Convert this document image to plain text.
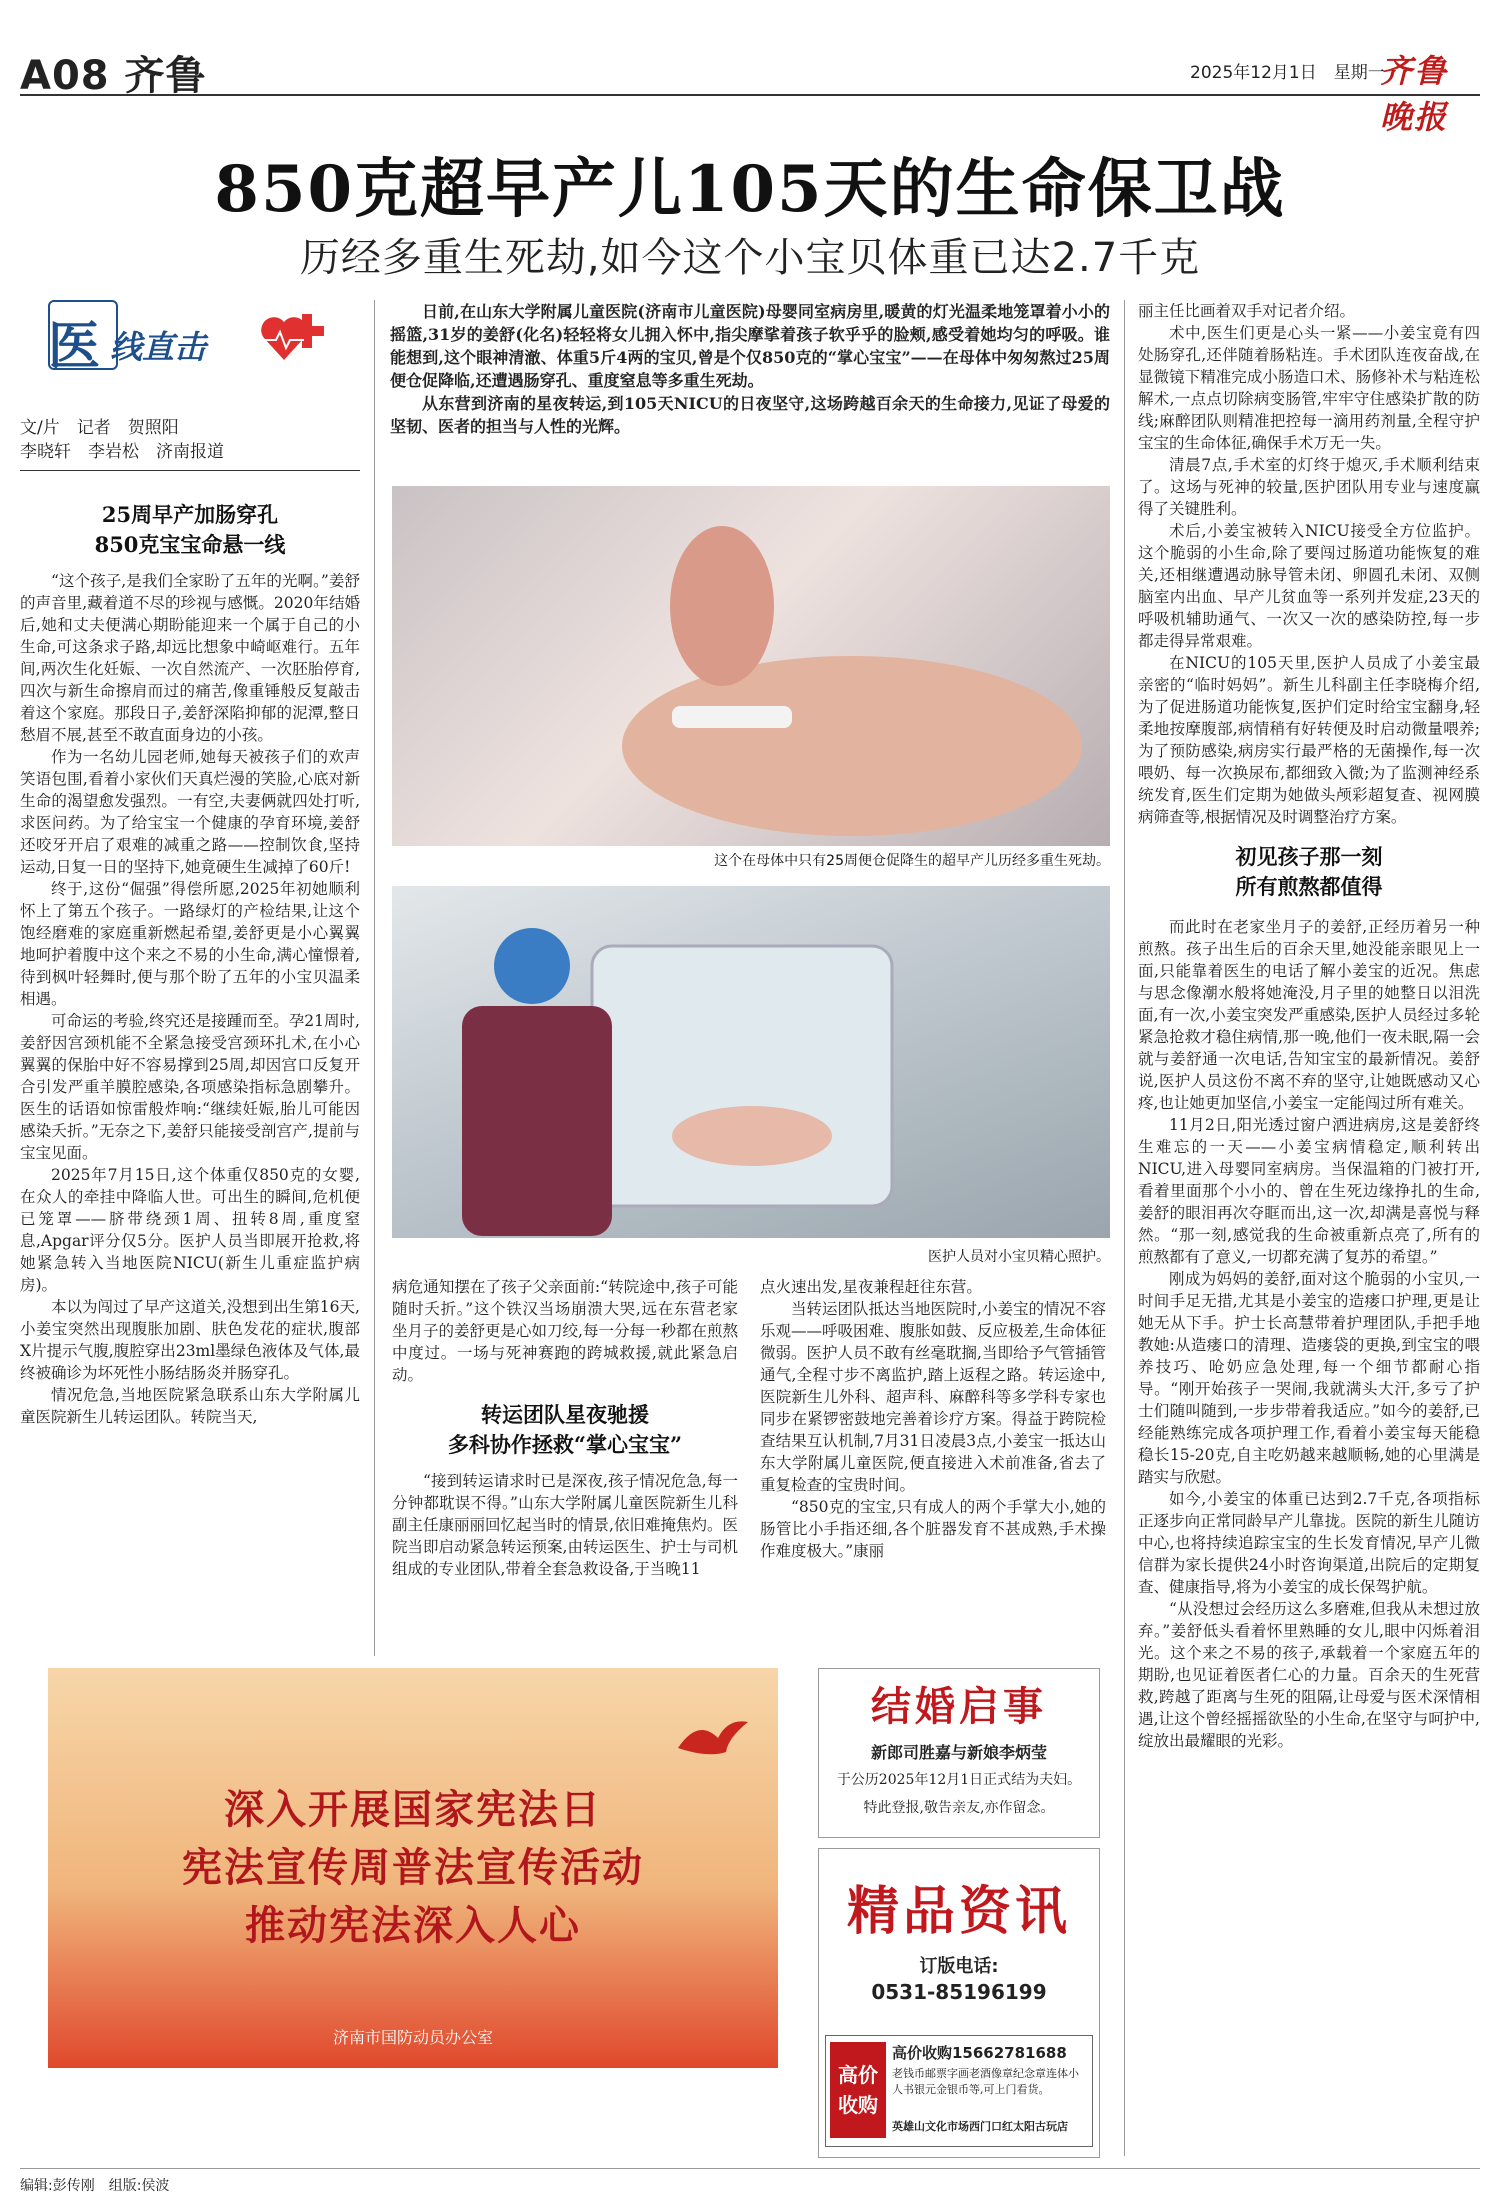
A08 齐鲁	2025年12月1日　星期一
齐鲁晚报
850克超早产儿105天的生命保卫战
历经多重生死劫,如今这个小宝贝体重已达2.7千克
医 线直击
文/片　记者　贺照阳
李晓轩　李岩松　济南报道
25周早产加肠穿孔
850克宝宝命悬一线

“这个孩子,是我们全家盼了五年的光啊。”姜舒的声音里,藏着道不尽的珍视与感慨。2020年结婚后,她和丈夫便满心期盼能迎来一个属于自己的小生命,可这条求子路,却远比想象中崎岖难行。五年间,两次生化妊娠、一次自然流产、一次胚胎停育,四次与新生命擦肩而过的痛苦,像重锤般反复敲击着这个家庭。那段日子,姜舒深陷抑郁的泥潭,整日愁眉不展,甚至不敢直面身边的小孩。

作为一名幼儿园老师,她每天被孩子们的欢声笑语包围,看着小家伙们天真烂漫的笑脸,心底对新生命的渴望愈发强烈。一有空,夫妻俩就四处打听,求医问药。为了给宝宝一个健康的孕育环境,姜舒还咬牙开启了艰难的减重之路——控制饮食,坚持运动,日复一日的坚持下,她竟硬生生减掉了60斤!

终于,这份“倔强”得偿所愿,2025年初她顺利怀上了第五个孩子。一路绿灯的产检结果,让这个饱经磨难的家庭重新燃起希望,姜舒更是小心翼翼地呵护着腹中这个来之不易的小生命,满心憧憬着,待到枫叶轻舞时,便与那个盼了五年的小宝贝温柔相遇。

可命运的考验,终究还是接踵而至。孕21周时,姜舒因宫颈机能不全紧急接受宫颈环扎术,在小心翼翼的保胎中好不容易撑到25周,却因宫口反复开合引发严重羊膜腔感染,各项感染指标急剧攀升。医生的话语如惊雷般炸响:“继续妊娠,胎儿可能因感染夭折。”无奈之下,姜舒只能接受剖宫产,提前与宝宝见面。

2025年7月15日,这个体重仅850克的女婴,在众人的牵挂中降临人世。可出生的瞬间,危机便已笼罩——脐带绕颈1周、扭转8周,重度窒息,Apgar评分仅5分。医护人员当即展开抢救,将她紧急转入当地医院NICU(新生儿重症监护病房)。

本以为闯过了早产这道关,没想到出生第16天,小姜宝突然出现腹胀加剧、肤色发花的症状,腹部X片提示气腹,腹腔穿出23ml墨绿色液体及气体,最终被确诊为坏死性小肠结肠炎并肠穿孔。

情况危急,当地医院紧急联系山东大学附属儿童医院新生儿转运团队。转院当天,

日前,在山东大学附属儿童医院(济南市儿童医院)母婴同室病房里,暖黄的灯光温柔地笼罩着小小的摇篮,31岁的姜舒(化名)轻轻将女儿拥入怀中,指尖摩挲着孩子软乎乎的脸颊,感受着她均匀的呼吸。谁能想到,这个眼神清澈、体重5斤4两的宝贝,曾是个仅850克的“掌心宝宝”——在母体中匆匆熬过25周便仓促降临,还遭遇肠穿孔、重度窒息等多重生死劫。

从东营到济南的星夜转运,到105天NICU的日夜坚守,这场跨越百余天的生命接力,见证了母爱的坚韧、医者的担当与人性的光辉。

这个在母体中只有25周便仓促降生的超早产儿历经多重生死劫。
医护人员对小宝贝精心照护。

病危通知摆在了孩子父亲面前:“转院途中,孩子可能随时夭折。”这个铁汉当场崩溃大哭,远在东营老家坐月子的姜舒更是心如刀绞,每一分每一秒都在煎熬中度过。一场与死神赛跑的跨城救援,就此紧急启动。

转运团队星夜驰援
多科协作拯救“掌心宝宝”

“接到转运请求时已是深夜,孩子情况危急,每一分钟都耽误不得。”山东大学附属儿童医院新生儿科副主任康丽丽回忆起当时的情景,依旧难掩焦灼。医院当即启动紧急转运预案,由转运医生、护士与司机组成的专业团队,带着全套急救设备,于当晚11

点火速出发,星夜兼程赶往东营。

当转运团队抵达当地医院时,小姜宝的情况不容乐观——呼吸困难、腹胀如鼓、反应极差,生命体征微弱。医护人员不敢有丝毫耽搁,当即给予气管插管通气,全程寸步不离监护,踏上返程之路。转运途中,医院新生儿外科、超声科、麻醉科等多学科专家也同步在紧锣密鼓地完善着诊疗方案。得益于跨院检查结果互认机制,7月31日凌晨3点,小姜宝一抵达山东大学附属儿童医院,便直接进入术前准备,省去了重复检查的宝贵时间。

“850克的宝宝,只有成人的两个手掌大小,她的肠管比小手指还细,各个脏器发育不甚成熟,手术操作难度极大。”康丽

丽主任比画着双手对记者介绍。

术中,医生们更是心头一紧——小姜宝竟有四处肠穿孔,还伴随着肠粘连。手术团队连夜奋战,在显微镜下精准完成小肠造口术、肠修补术与粘连松解术,一点点切除病变肠管,牢牢守住感染扩散的防线;麻醉团队则精准把控每一滴用药剂量,全程守护宝宝的生命体征,确保手术万无一失。

清晨7点,手术室的灯终于熄灭,手术顺利结束了。这场与死神的较量,医护团队用专业与速度赢得了关键胜利。

术后,小姜宝被转入NICU接受全方位监护。这个脆弱的小生命,除了要闯过肠道功能恢复的难关,还相继遭遇动脉导管未闭、卵圆孔未闭、双侧脑室内出血、早产儿贫血等一系列并发症,23天的呼吸机辅助通气、一次又一次的感染防控,每一步都走得异常艰难。

在NICU的105天里,医护人员成了小姜宝最亲密的“临时妈妈”。新生儿科副主任李晓梅介绍,为了促进肠道功能恢复,医护们定时给宝宝翻身,轻柔地按摩腹部,病情稍有好转便及时启动微量喂养;为了预防感染,病房实行最严格的无菌操作,每一次喂奶、每一次换尿布,都细致入微;为了监测神经系统发育,医生们定期为她做头颅彩超复查、视网膜病筛查等,根据情况及时调整治疗方案。

初见孩子那一刻
所有煎熬都值得

而此时在老家坐月子的姜舒,正经历着另一种煎熬。孩子出生后的百余天里,她没能亲眼见上一面,只能靠着医生的电话了解小姜宝的近况。焦虑与思念像潮水般将她淹没,月子里的她整日以泪洗面,有一次,小姜宝突发严重感染,医护人员经过多轮紧急抢救才稳住病情,那一晚,他们一夜未眠,隔一会就与姜舒通一次电话,告知宝宝的最新情况。姜舒说,医护人员这份不离不弃的坚守,让她既感动又心疼,也让她更加坚信,小姜宝一定能闯过所有难关。

11月2日,阳光透过窗户洒进病房,这是姜舒终生难忘的一天——小姜宝病情稳定,顺利转出NICU,进入母婴同室病房。当保温箱的门被打开,看着里面那个小小的、曾在生死边缘挣扎的生命,姜舒的眼泪再次夺眶而出,这一次,却满是喜悦与释然。“那一刻,感觉我的生命被重新点亮了,所有的煎熬都有了意义,一切都充满了复苏的希望。”

刚成为妈妈的姜舒,面对这个脆弱的小宝贝,一时间手足无措,尤其是小姜宝的造瘘口护理,更是让她无从下手。护士长高慧带着护理团队,手把手地教她:从造瘘口的清理、造瘘袋的更换,到宝宝的喂养技巧、呛奶应急处理,每一个细节都耐心指导。“刚开始孩子一哭闹,我就满头大汗,多亏了护士们随叫随到,一步步带着我适应。”如今的姜舒,已经能熟练完成各项护理工作,看着小姜宝每天能稳稳长15-20克,自主吃奶越来越顺畅,她的心里满是踏实与欣慰。

如今,小姜宝的体重已达到2.7千克,各项指标正逐步向正常同龄早产儿靠拢。医院的新生儿随访中心,也将持续追踪宝宝的生长发育情况,早产儿微信群为家长提供24小时咨询渠道,出院后的定期复查、健康指导,将为小姜宝的成长保驾护航。

“从没想过会经历这么多磨难,但我从未想过放弃。”姜舒低头看着怀里熟睡的女儿,眼中闪烁着泪光。这个来之不易的孩子,承载着一个家庭五年的期盼,也见证着医者仁心的力量。百余天的生死营救,跨越了距离与生死的阻隔,让母爱与医术深情相遇,让这个曾经摇摇欲坠的小生命,在坚守与呵护中,绽放出最耀眼的光彩。

深入开展国家宪法日
宪法宣传周普法宣传活动
推动宪法深入人心
济南市国防动员办公室
结婚启事
新郎司胜嘉与新娘李炳莹
于公历2025年12月1日正式结为夫妇。
特此登报,敬告亲友,亦作留念。
精品资讯
订版电话:
0531-85196199
高价
收购
高价收购15662781688
老钱币邮票字画老酒像章纪念章连体小人书银元金银币等,可上门看货。
英雄山文化市场西门口红太阳古玩店
编辑:彭传刚　组版:侯波
